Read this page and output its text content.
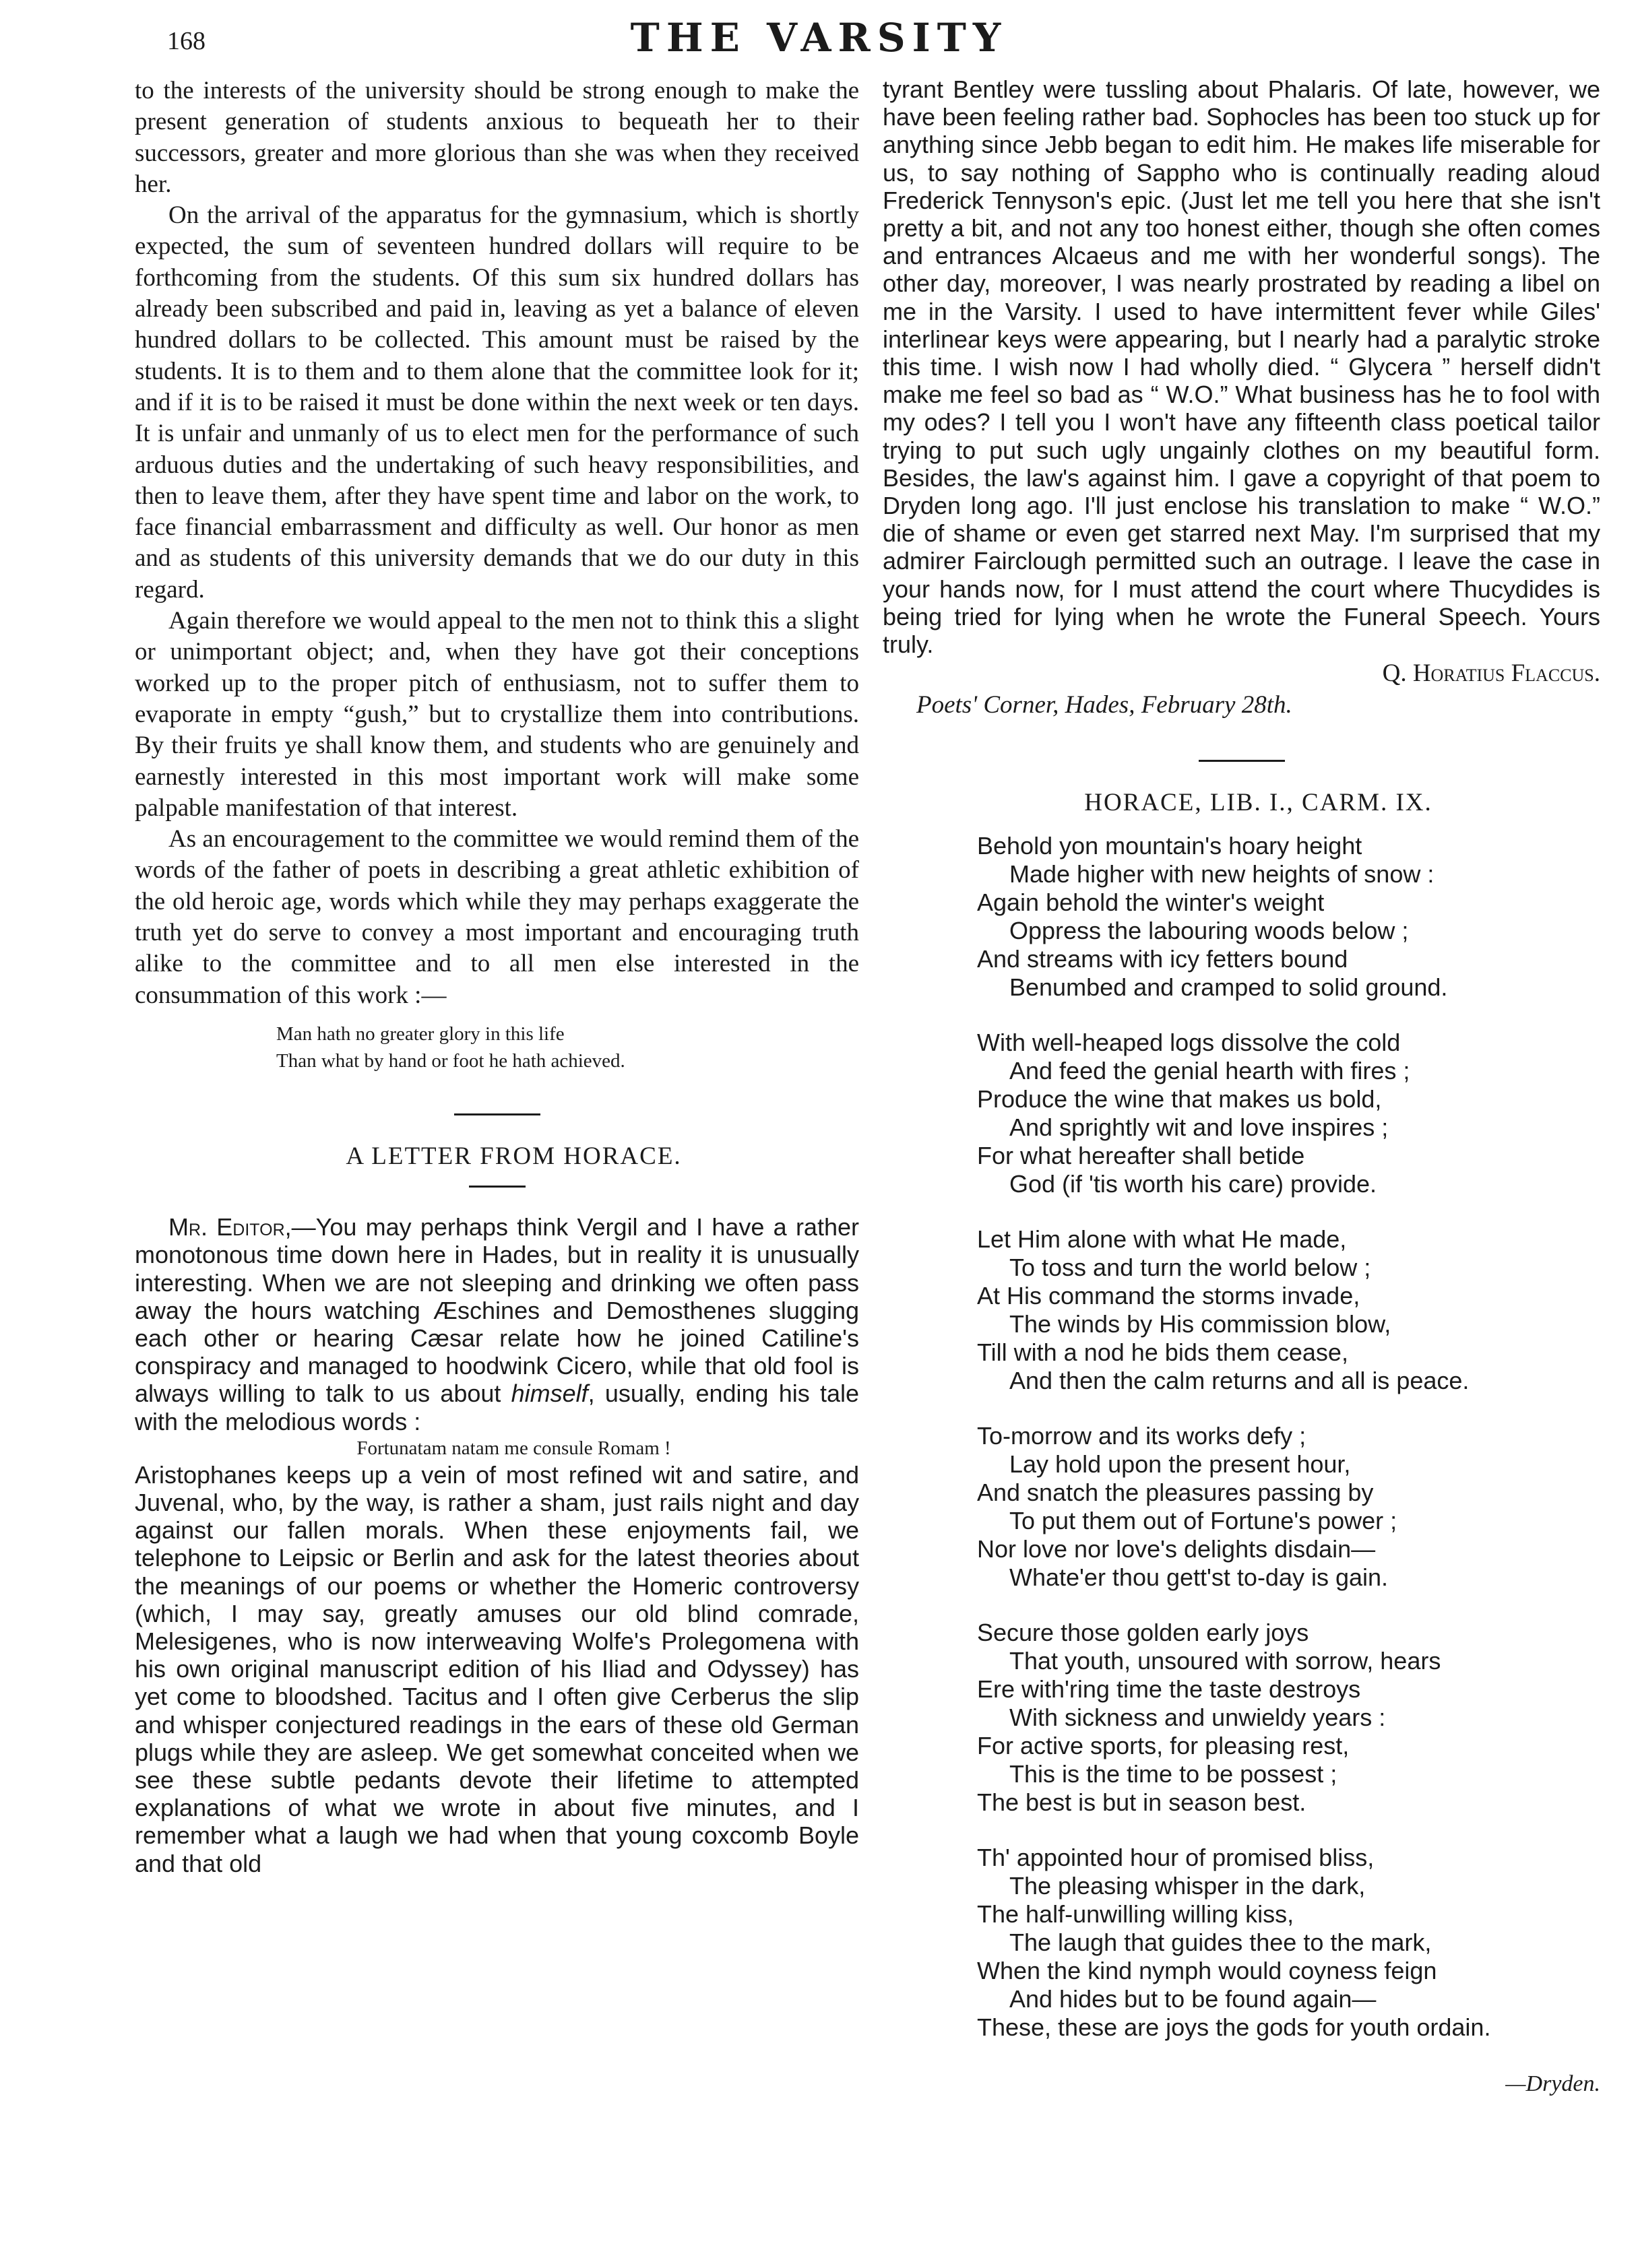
168	THE VARSITY

to the interests of the university should be strong enough to make the present generation of students anxious to bequeath her to their successors, greater and more glorious than she was when they received her.

On the arrival of the apparatus for the gymnasium, which is shortly expected, the sum of seventeen hundred dollars will require to be forthcoming from the students. Of this sum six hundred dollars has already been subscribed and paid in, leaving as yet a balance of eleven hundred dollars to be collected. This amount must be raised by the students. It is to them and to them alone that the committee look for it; and if it is to be raised it must be done within the next week or ten days. It is unfair and unmanly of us to elect men for the performance of such arduous duties and the undertaking of such heavy responsibilities, and then to leave them, after they have spent time and labor on the work, to face financial embarrassment and difficulty as well. Our honor as men and as students of this university demands that we do our duty in this regard.

Again therefore we would appeal to the men not to think this a slight or unimportant object; and, when they have got their conceptions worked up to the proper pitch of enthusiasm, not to suffer them to evaporate in empty “gush,” but to crystallize them into contributions. By their fruits ye shall know them, and students who are genuinely and earnestly interested in this most important work will make some palpable manifestation of that interest.

As an encouragement to the committee we would remind them of the words of the father of poets in describing a great athletic exhibition of the old heroic age, words which while they may perhaps exaggerate the truth yet do serve to convey a most important and encouraging truth alike to the committee and to all men else interested in the consummation of this work :—

Man hath no greater glory in this life
Than what by hand or foot he hath achieved.

A LETTER FROM HORACE.

Mr. Editor,—You may perhaps think Vergil and I have a rather monotonous time down here in Hades, but in reality it is unusually interesting. When we are not sleeping and drinking we often pass away the hours watching Æschines and Demosthenes slugging each other or hearing Cæsar relate how he joined Catiline's conspiracy and managed to hoodwink Cicero, while that old fool is always willing to talk to us about himself, usually, ending his tale with the melodious words :

Fortunatam natam me consule Romam !

Aristophanes keeps up a vein of most refined wit and satire, and Juvenal, who, by the way, is rather a sham, just rails night and day against our fallen morals. When these enjoyments fail, we telephone to Leipsic or Berlin and ask for the latest theories about the meanings of our poems or whether the Homeric controversy (which, I may say, greatly amuses our old blind comrade, Melesigenes, who is now interweaving Wolfe's Prolegomena with his own original manuscript edition of his Iliad and Odyssey) has yet come to bloodshed. Tacitus and I often give Cerberus the slip and whisper conjectured readings in the ears of these old German plugs while they are asleep. We get somewhat conceited when we see these subtle pedants devote their lifetime to attempted explanations of what we wrote in about five minutes, and I remember what a laugh we had when that young coxcomb Boyle and that old

tyrant Bentley were tussling about Phalaris. Of late, however, we have been feeling rather bad. Sophocles has been too stuck up for anything since Jebb began to edit him. He makes life miserable for us, to say nothing of Sappho who is continually reading aloud Frederick Tennyson's epic. (Just let me tell you here that she isn't pretty a bit, and not any too honest either, though she often comes and entrances Alcaeus and me with her wonderful songs). The other day, moreover, I was nearly prostrated by reading a libel on me in the Varsity. I used to have intermittent fever while Giles' interlinear keys were appearing, but I nearly had a paralytic stroke this time. I wish now I had wholly died. “ Glycera ” herself didn't make me feel so bad as “ W.O.” What business has he to fool with my odes? I tell you I won't have any fifteenth class poetical tailor trying to put such ugly ungainly clothes on my beautiful form. Besides, the law's against him. I gave a copyright of that poem to Dryden long ago. I'll just enclose his translation to make “ W.O.” die of shame or even get starred next May. I'm surprised that my admirer Fairclough permitted such an outrage. I leave the case in your hands now, for I must attend the court where Thucydides is being tried for lying when he wrote the Funeral Speech. Yours truly.

Q. Horatius Flaccus.

Poets' Corner, Hades, February 28th.

HORACE, LIB. I., CARM. IX.

Behold yon mountain's hoary height
Made higher with new heights of snow :
Again behold the winter's weight
Oppress the labouring woods below ;
And streams with icy fetters bound
Benumbed and cramped to solid ground.
With well-heaped logs dissolve the cold
And feed the genial hearth with fires ;
Produce the wine that makes us bold,
And sprightly wit and love inspires ;
For what hereafter shall betide
God (if 'tis worth his care) provide.
Let Him alone with what He made,
To toss and turn the world below ;
At His command the storms invade,
The winds by His commission blow,
Till with a nod he bids them cease,
And then the calm returns and all is peace.
To-morrow and its works defy ;
Lay hold upon the present hour,
And snatch the pleasures passing by
To put them out of Fortune's power ;
Nor love nor love's delights disdain—
Whate'er thou gett'st to-day is gain.
Secure those golden early joys
That youth, unsoured with sorrow, hears
Ere with'ring time the taste destroys
With sickness and unwieldy years :
For active sports, for pleasing rest,
This is the time to be possest ;
The best is but in season best.
Th' appointed hour of promised bliss,
The pleasing whisper in the dark,
The half-unwilling willing kiss,
The laugh that guides thee to the mark,
When the kind nymph would coyness feign
And hides but to be found again—
These, these are joys the gods for youth ordain.

—Dryden.
